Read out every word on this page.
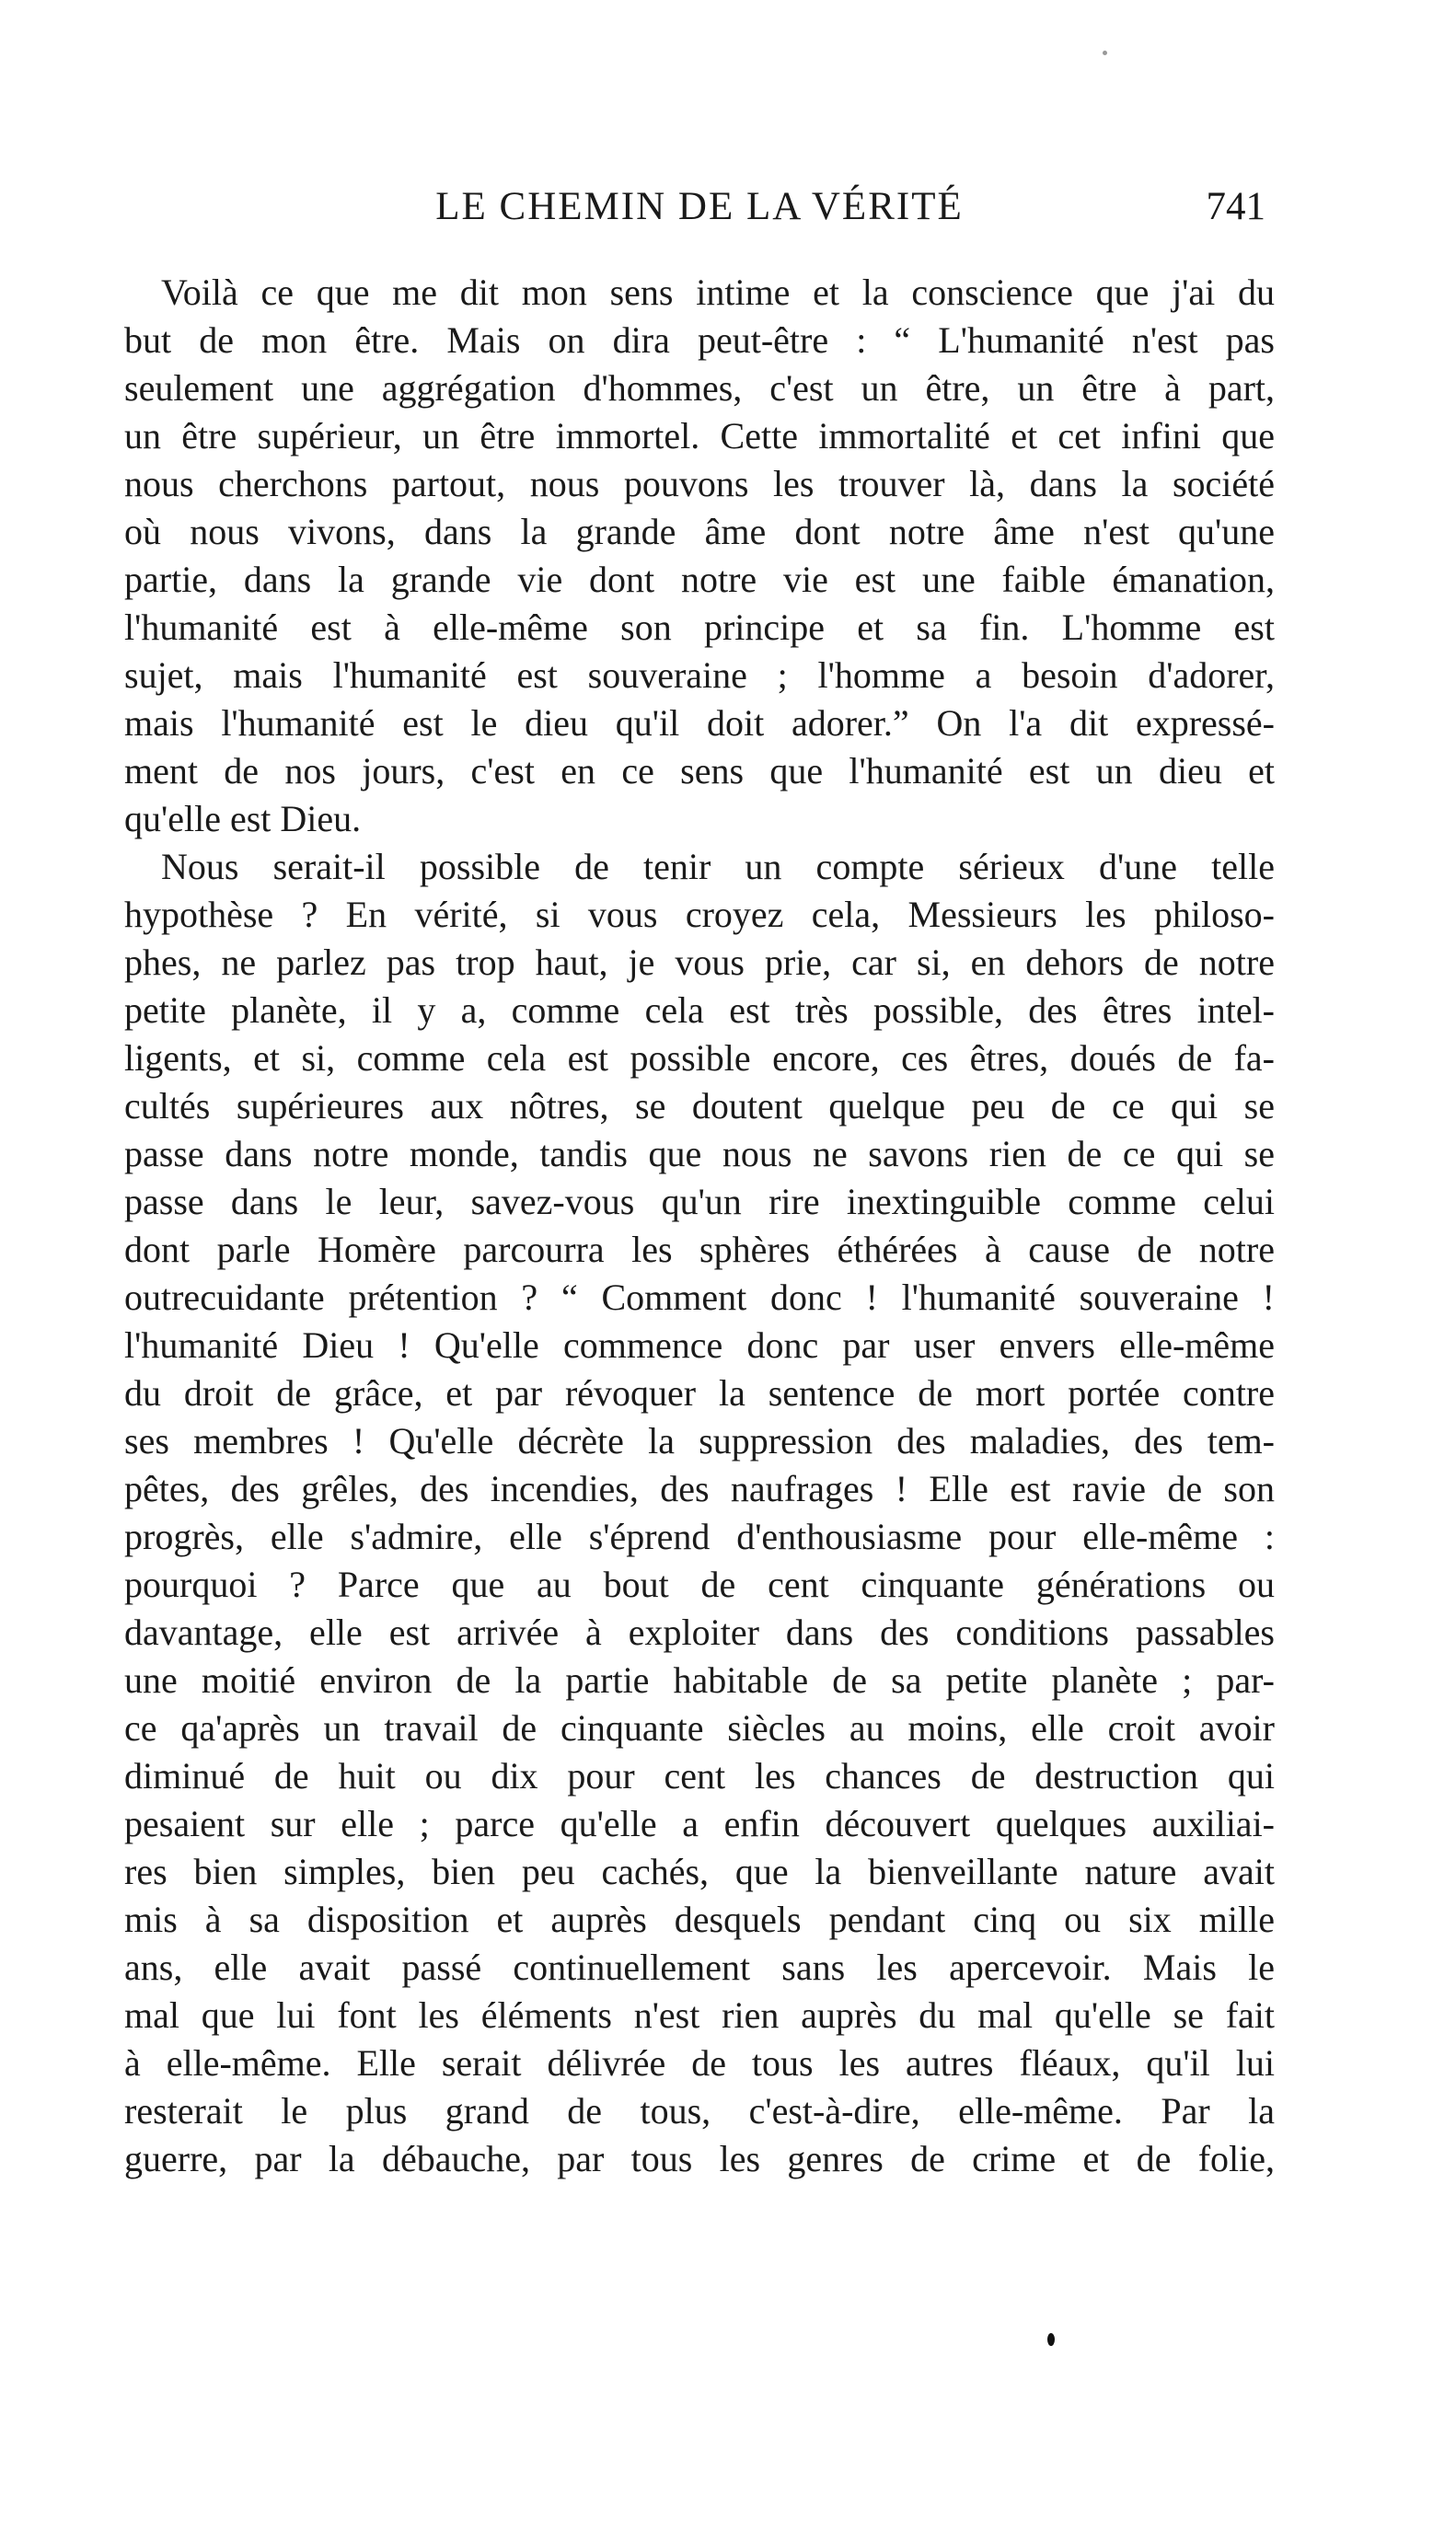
LE CHEMIN DE LA VÉRITÉ	741
Voilà ce que me dit mon sens intime et la conscience que j'ai du
but de mon être. Mais on dira peut-être : “ L'humanité n'est pas
seulement une aggrégation d'hommes, c'est un être, un être à part,
un être supérieur, un être immortel. Cette immortalité et cet infini que
nous cherchons partout, nous pouvons les trouver là, dans la société
où nous vivons, dans la grande âme dont notre âme n'est qu'une
partie, dans la grande vie dont notre vie est une faible émanation,
l'humanité est à elle-même son principe et sa fin. L'homme est
sujet, mais l'humanité est souveraine ; l'homme a besoin d'adorer,
mais l'humanité est le dieu qu'il doit adorer.” On l'a dit expressé-
ment de nos jours, c'est en ce sens que l'humanité est un dieu et
qu'elle est Dieu.
Nous serait-il possible de tenir un compte sérieux d'une telle
hypothèse ? En vérité, si vous croyez cela, Messieurs les philoso-
phes, ne parlez pas trop haut, je vous prie, car si, en dehors de notre
petite planète, il y a, comme cela est très possible, des êtres intel-
ligents, et si, comme cela est possible encore, ces êtres, doués de fa-
cultés supérieures aux nôtres, se doutent quelque peu de ce qui se
passe dans notre monde, tandis que nous ne savons rien de ce qui se
passe dans le leur, savez-vous qu'un rire inextinguible comme celui
dont parle Homère parcourra les sphères éthérées à cause de notre
outrecuidante prétention ? “ Comment donc ! l'humanité souveraine !
l'humanité Dieu ! Qu'elle commence donc par user envers elle-même
du droit de grâce, et par révoquer la sentence de mort portée contre
ses membres ! Qu'elle décrète la suppression des maladies, des tem-
pêtes, des grêles, des incendies, des naufrages ! Elle est ravie de son
progrès, elle s'admire, elle s'éprend d'enthousiasme pour elle-même :
pourquoi ? Parce que au bout de cent cinquante générations ou
davantage, elle est arrivée à exploiter dans des conditions passables
une moitié environ de la partie habitable de sa petite planète ; par-
ce qa'après un travail de cinquante siècles au moins, elle croit avoir
diminué de huit ou dix pour cent les chances de destruction qui
pesaient sur elle ; parce qu'elle a enfin découvert quelques auxiliai-
res bien simples, bien peu cachés, que la bienveillante nature avait
mis à sa disposition et auprès desquels pendant cinq ou six mille
ans, elle avait passé continuellement sans les apercevoir. Mais le
mal que lui font les éléments n'est rien auprès du mal qu'elle se fait
à elle-même. Elle serait délivrée de tous les autres fléaux, qu'il lui
resterait le plus grand de tous, c'est-à-dire, elle-même. Par la
guerre, par la débauche, par tous les genres de crime et de folie,
